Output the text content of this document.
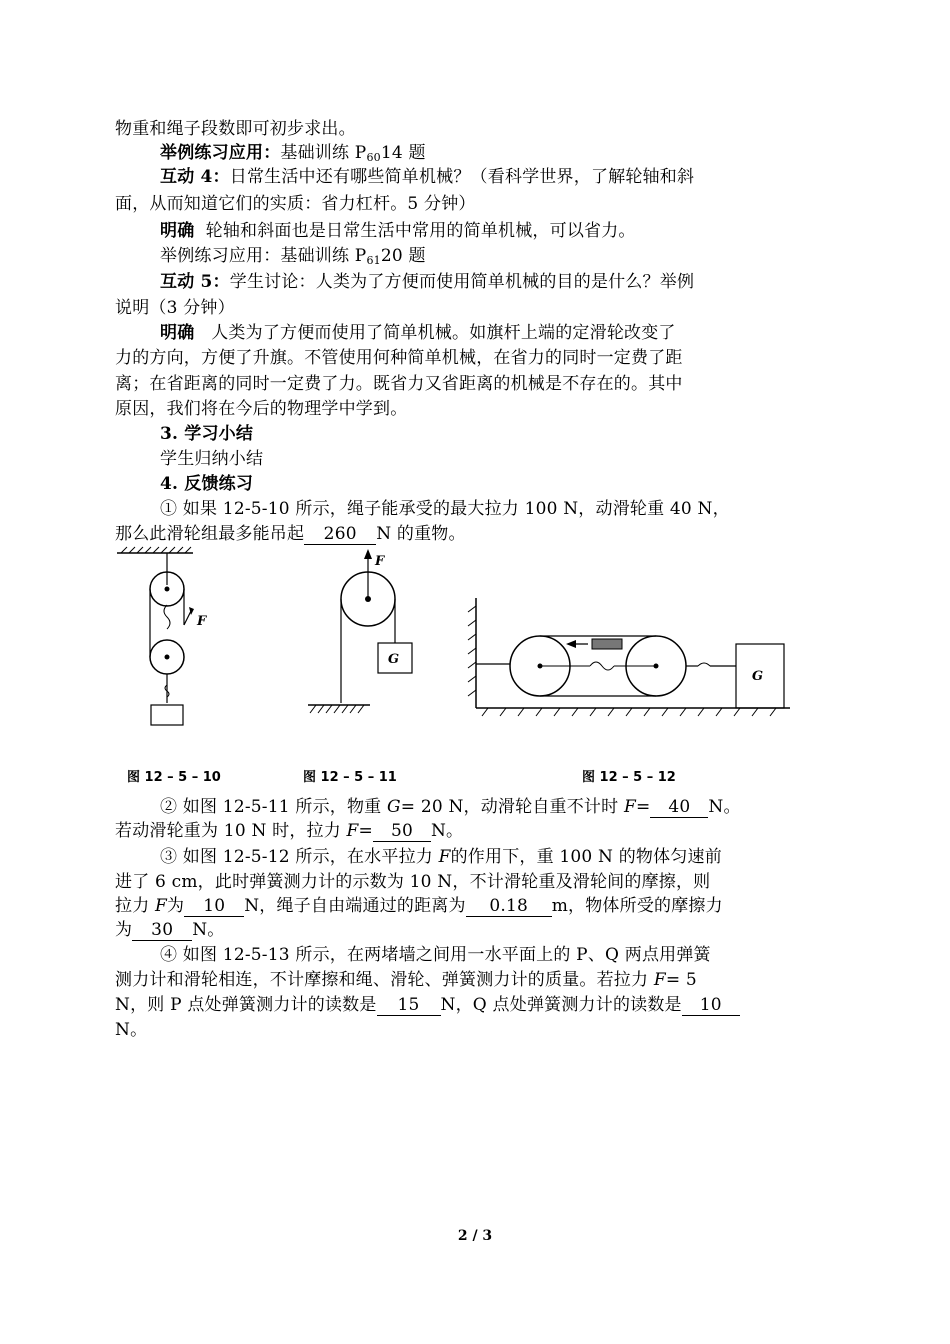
物重和绳子段数即可初步求出。
举例练习应用：基础训练 $P_{60}14$ 题
互动 4：日常生活中还有哪些简单机械？（看科学世界，了解轮轴和斜
面，从而知道它们的实质：省力杠杆。5 分钟）
明确 轮轴和斜面也是日常生活中常用的简单机械，可以省力。
举例练习应用：基础训练 $P_{61}20$ 题
互动 5：学生讨论：人类为了方便而使用简单机械的目的是什么？举例
说明（3 分钟）
明确 人类为了方便而使用了简单机械。如旗杆上端的定滑轮改变了
力的方向，方便了升旗。不管使用何种简单机械，在省力的同时一定费了距
离；在省距离的同时一定费了力。既省力又省距离的机械是不存在的。其中
原因，我们将在今后的物理学中学到。
3. 学习小结
学生归纳小结
4. 反馈练习
① 如果 12-5-10 所示，绳子能承受的最大拉力 100 N，动滑轮重 40 N，
那么此滑轮组最多能吊起 260 N 的重物。
F
F
G
G
图 12 – 5 – 10	图 12 – 5 – 11	图 12 – 5 – 12
② 如图 12-5-11 所示，物重 G= 20 N，动滑轮自重不计时 F= 40 N。
若动滑轮重为 10 N 时，拉力 F= 50 N。
③ 如图 12-5-12 所示，在水平拉力 F的作用下，重 100 N 的物体匀速前
进了 6 cm，此时弹簧测力计的示数为 10 N，不计滑轮重及滑轮间的摩擦，则
拉力 F为 10 N，绳子自由端通过的距离为 0.18 m，物体所受的摩擦力
为 30 N。
④ 如图 12-5-13 所示，在两堵墙之间用一水平面上的 P、Q 两点用弹簧
测力计和滑轮相连，不计摩擦和绳、滑轮、弹簧测力计的质量。若拉力 F= 5
N，则 P 点处弹簧测力计的读数是 15 N，Q 点处弹簧测力计的读数是 10
N。
2 / 3
